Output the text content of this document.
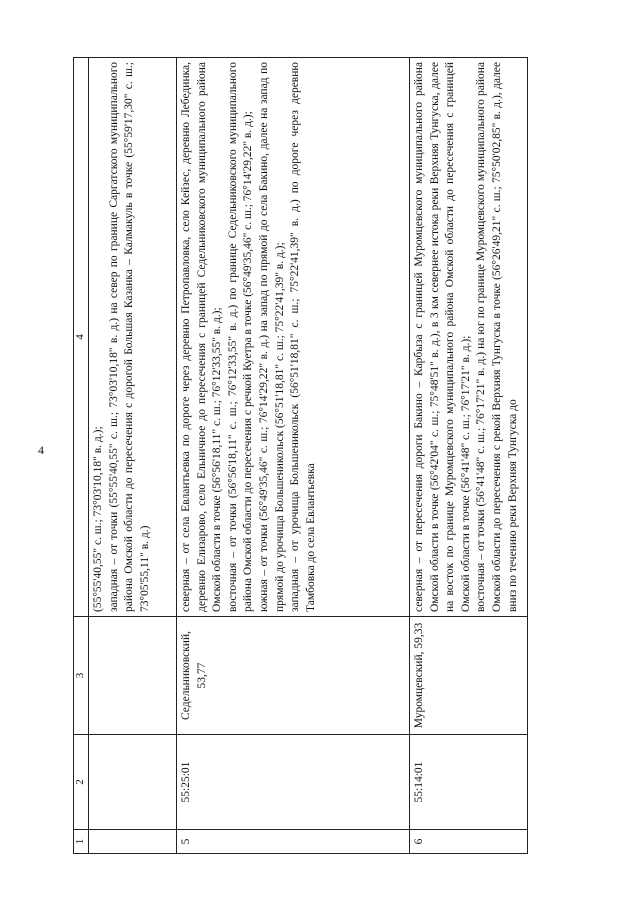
4
1	2	3	4

			(55°55'40,55" с. ш.; 73°03'10,18" в. д.); западная – от точки (55°55'40,55" с. ш.; 73°03'10,18" в. д.) на север по границе Саргатского муниципального района Омской области до пересечения с дорогой Большая Казанка – Калмакуль в точке (55°59'17,30" с. ш.; 73°05'55,11" в. д.)

5	55:25:01	Седельниковский, 53,77	северная – от села Евлантьевка по дороге через деревню Петропавловка, село Кейзес, деревню Лебединка, деревню Елизарово, село Ельничное до пересечения с границей Седельниковского муниципального района Омской области в точке (56°56'18,11" с. ш.; 76°12'33,55" в. д.); восточная – от точки (56°56'18,11" с. ш.; 76°12'33,55" в. д.) по границе Седельниковского муниципального района Омской области до пересечения с речкой Куетра в точке (56°49'35,46" с. ш.; 76°14'29,22" в. д.); южная – от точки (56°49'35,46" с. ш.; 76°14'29,22" в. д.) на запад по прямой до села Бакино, далее на запад по прямой до урочища Большеникольск (56°51'18,81" с. ш.; 75°22'41,39" в. д.); западная – от урочища Большеникольск (56°51'18,81" с. ш.; 75°22'41,39" в. д.) по дороге через деревню Тамбовка до села Евлантьевка

6	55:14:01	Муромцевский, 59,33	северная – от пересечения дороги Бакино – Карбыза с границей Муромцевского муниципального района Омской области в точке (56°42'04" с. ш.; 75°48'51" в. д.), в 3 км севернее истока реки Верхняя Тунгуска, далее на восток по границе Муромцевского муниципального района Омской области до пересечения с границей Омской области в точке (56°41'48" с. ш.; 76°17'21" в. д.); восточная – от точки (56°41'48" с. ш.; 76°17'21" в. д.) на юг по границе Муромцевского муниципального района Омской области до пересечения с рекой Верхняя Тунгуска в точке (56°26'49,21" с. ш.; 75°50'02,85" в. д.), далее вниз по течению реки Верхняя Тунгуска до
